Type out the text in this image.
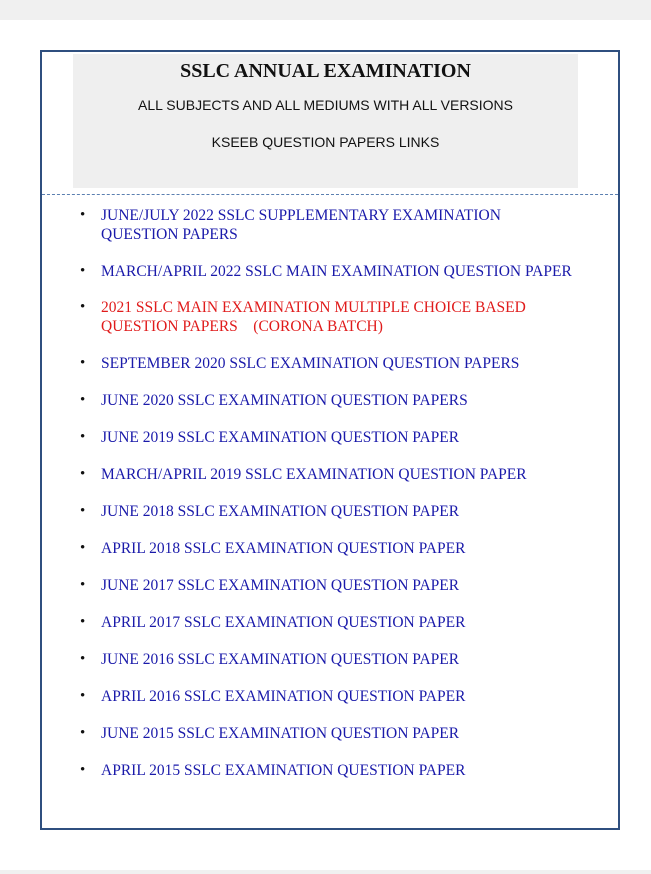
SSLC ANNUAL EXAMINATION
ALL SUBJECTS AND ALL MEDIUMS WITH ALL VERSIONS
KSEEB QUESTION PAPERS LINKS
• JUNE/JULY 2022 SSLC SUPPLEMENTARY EXAMINATION QUESTION PAPERS
• MARCH/APRIL 2022 SSLC MAIN EXAMINATION QUESTION PAPER
• 2021 SSLC MAIN EXAMINATION MULTIPLE CHOICE BASED QUESTION PAPERS    (CORONA BATCH)
• SEPTEMBER 2020 SSLC EXAMINATION QUESTION PAPERS
• JUNE 2020 SSLC EXAMINATION QUESTION PAPERS
• JUNE 2019 SSLC EXAMINATION QUESTION PAPER
• MARCH/APRIL 2019 SSLC EXAMINATION QUESTION PAPER
• JUNE 2018 SSLC EXAMINATION QUESTION PAPER
• APRIL 2018 SSLC EXAMINATION QUESTION PAPER
• JUNE 2017 SSLC EXAMINATION QUESTION PAPER
• APRIL 2017 SSLC EXAMINATION QUESTION PAPER
• JUNE 2016 SSLC EXAMINATION QUESTION PAPER
• APRIL 2016 SSLC EXAMINATION QUESTION PAPER
• JUNE 2015 SSLC EXAMINATION QUESTION PAPER
• APRIL 2015 SSLC EXAMINATION QUESTION PAPER
